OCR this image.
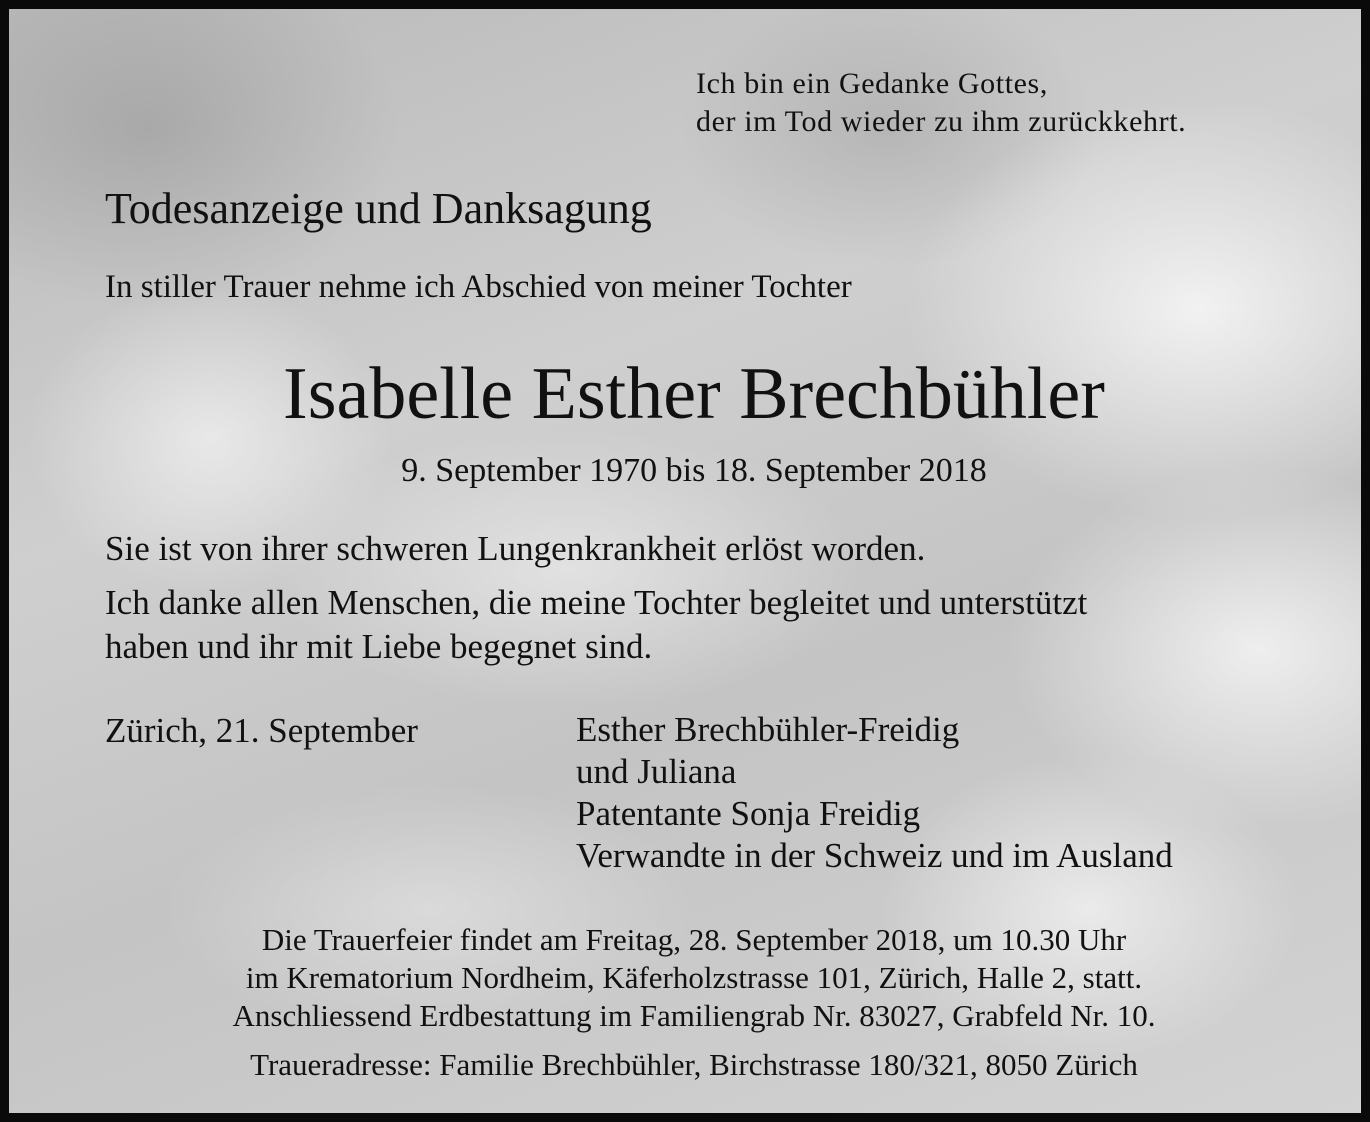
Ich bin ein Gedanke Gottes,
der im Tod wieder zu ihm zurückkehrt.
Todesanzeige und Danksagung
In stiller Trauer nehme ich Abschied von meiner Tochter
Isabelle Esther Brechbühler
9. September 1970 bis 18. September 2018
Sie ist von ihrer schweren Lungenkrankheit erlöst worden.
Ich danke allen Menschen, die meine Tochter begleitet und unterstützt
haben und ihr mit Liebe begegnet sind.
Zürich, 21. September	Esther Brechbühler-Freidig
und Juliana
Patentante Sonja Freidig
Verwandte in der Schweiz und im Ausland
Die Trauerfeier findet am Freitag, 28. September 2018, um 10.30 Uhr
im Krematorium Nordheim, Käferholzstrasse 101, Zürich, Halle 2, statt.
Anschliessend Erdbestattung im Familiengrab Nr. 83027, Grabfeld Nr. 10.
Traueradresse: Familie Brechbühler, Birchstrasse 180/321, 8050 Zürich
